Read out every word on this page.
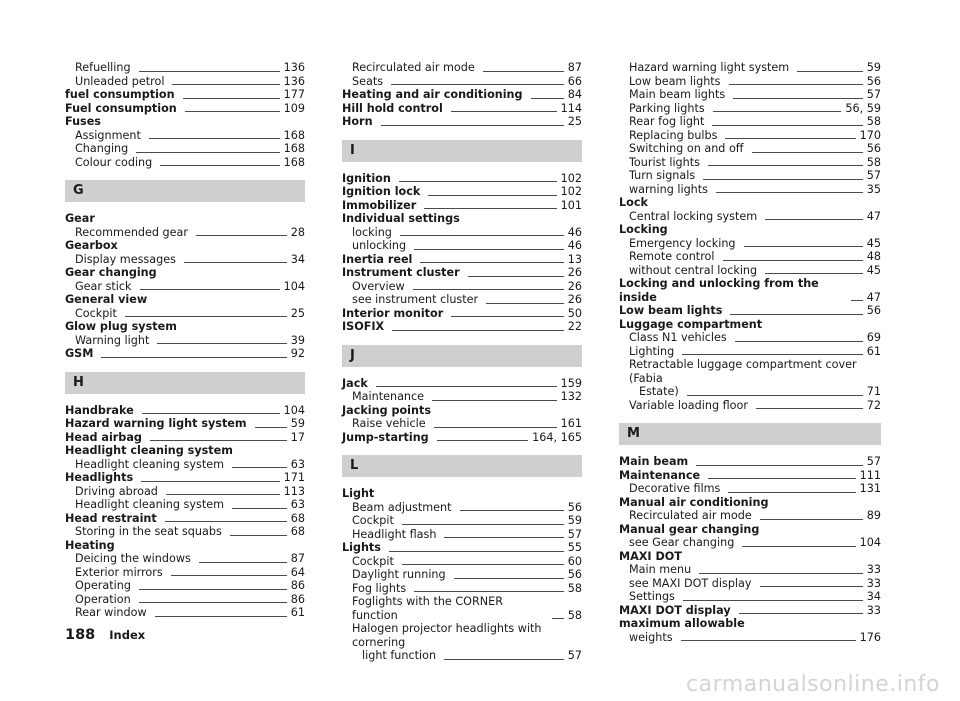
Refuelling	136
Unleaded petrol	136
fuel consumption	177
Fuel consumption	109
Fuses
Assignment	168
Changing	168
Colour coding	168
G
Gear
Recommended gear	28
Gearbox
Display messages	34
Gear changing
Gear stick	104
General view
Cockpit	25
Glow plug system
Warning light	39
GSM	92
H
Handbrake	104
Hazard warning light system	59
Head airbag	17
Headlight cleaning system
Headlight cleaning system	63
Headlights	171
Driving abroad	113
Headlight cleaning system	63
Head restraint	68
Storing in the seat squabs	68
Heating
Deicing the windows	87
Exterior mirrors	64
Operating	86
Operation	86
Rear window	61
Recirculated air mode	87
Seats	66
Heating and air conditioning	84
Hill hold control	114
Horn	25
I
Ignition	102
Ignition lock	102
Immobilizer	101
Individual settings
locking	46
unlocking	46
Inertia reel	13
Instrument cluster	26
Overview	26
see instrument cluster	26
Interior monitor	50
ISOFIX	22
J
Jack	159
Maintenance	132
Jacking points
Raise vehicle	161
Jump-starting	164, 165
L
Light
Beam adjustment	56
Cockpit	59
Headlight flash	57
Lights	55
Cockpit	60
Daylight running	56
Fog lights	58
Foglights with the CORNER function	58
Halogen projector headlights with cornering
light function	57
Hazard warning light system	59
Low beam lights	56
Main beam lights	57
Parking lights	56, 59
Rear fog light	58
Replacing bulbs	170
Switching on and off	56
Tourist lights	58
Turn signals	57
warning lights	35
Lock
Central locking system	47
Locking
Emergency locking	45
Remote control	48
without central locking	45
Locking and unlocking from the inside	47
Low beam lights	56
Luggage compartment
Class N1 vehicles	69
Lighting	61
Retractable luggage compartment cover (Fabia
Estate)	71
Variable loading floor	72
M
Main beam	57
Maintenance	111
Decorative films	131
Manual air conditioning
Recirculated air mode	89
Manual gear changing
see Gear changing	104
MAXI DOT
Main menu	33
see MAXI DOT display	33
Settings	34
MAXI DOT display	33
maximum allowable
weights	176
188 Index
carmanualsonline.info
